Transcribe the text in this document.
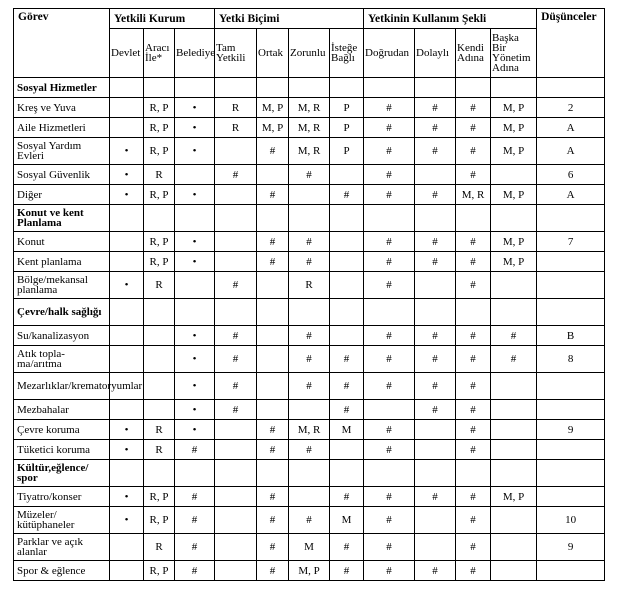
Görev	Yetkili Kurum			Yetki Biçimi				Yetkinin Kullanım Şekli				Düşünceler
	Devlet	Aracı İle*	Belediye	Tam Yetkili	Ortak	Zorunlu	İsteğe Bağlı	Doğrudan	Dolaylı	Kendi Adına	Başka Bir Yönetim Adına	
Sosyal Hizmetler												
Kreş ve Yuva		R, P	•	R	M, P	M, R	P	#	#	#	M, P	2
Aile Hizmetleri		R, P	•	R	M, P	M, R	P	#	#	#	M, P	A
Sosyal Yardım Evleri	•	R, P	•		#	M, R	P	#	#	#	M, P	A
Sosyal Güvenlik	•	R		#		#		#		#		6
Diğer	•	R, P	•		#		#	#	#	M, R	M, P	A
Konut ve kent Planlama												
Konut		R, P	•		#	#		#	#	#	M, P	7
Kent planlama		R, P	•		#	#		#	#	#	M, P	
Bölge/mekansal planlama	•	R		#		R		#		#		
Çevre/halk sağlığı												
Su/kanalizasyon			•	#		#		#	#	#	#	B
Atık topla-ma/arıtma			•	#		#	#	#	#	#	#	8
Mezarlıklar/krematoryumlar			•	#		#	#	#	#	#		
Mezbahalar			•	#			#		#	#		
Çevre koruma	•	R	•		#	M, R	M	#		#		9
Tüketici koruma	•	R	#		#	#		#		#		
Kültür,eğlence/ spor												
Tiyatro/konser	•	R, P	#		#		#	#	#	#	M, P	
Müzeler/ kütüphaneler	•	R, P	#		#	#	M	#		#		10
Parklar ve açık alanlar		R	#		#	M	#	#		#		9
Spor & eğlence		R, P	#		#	M, P	#	#	#	#		
